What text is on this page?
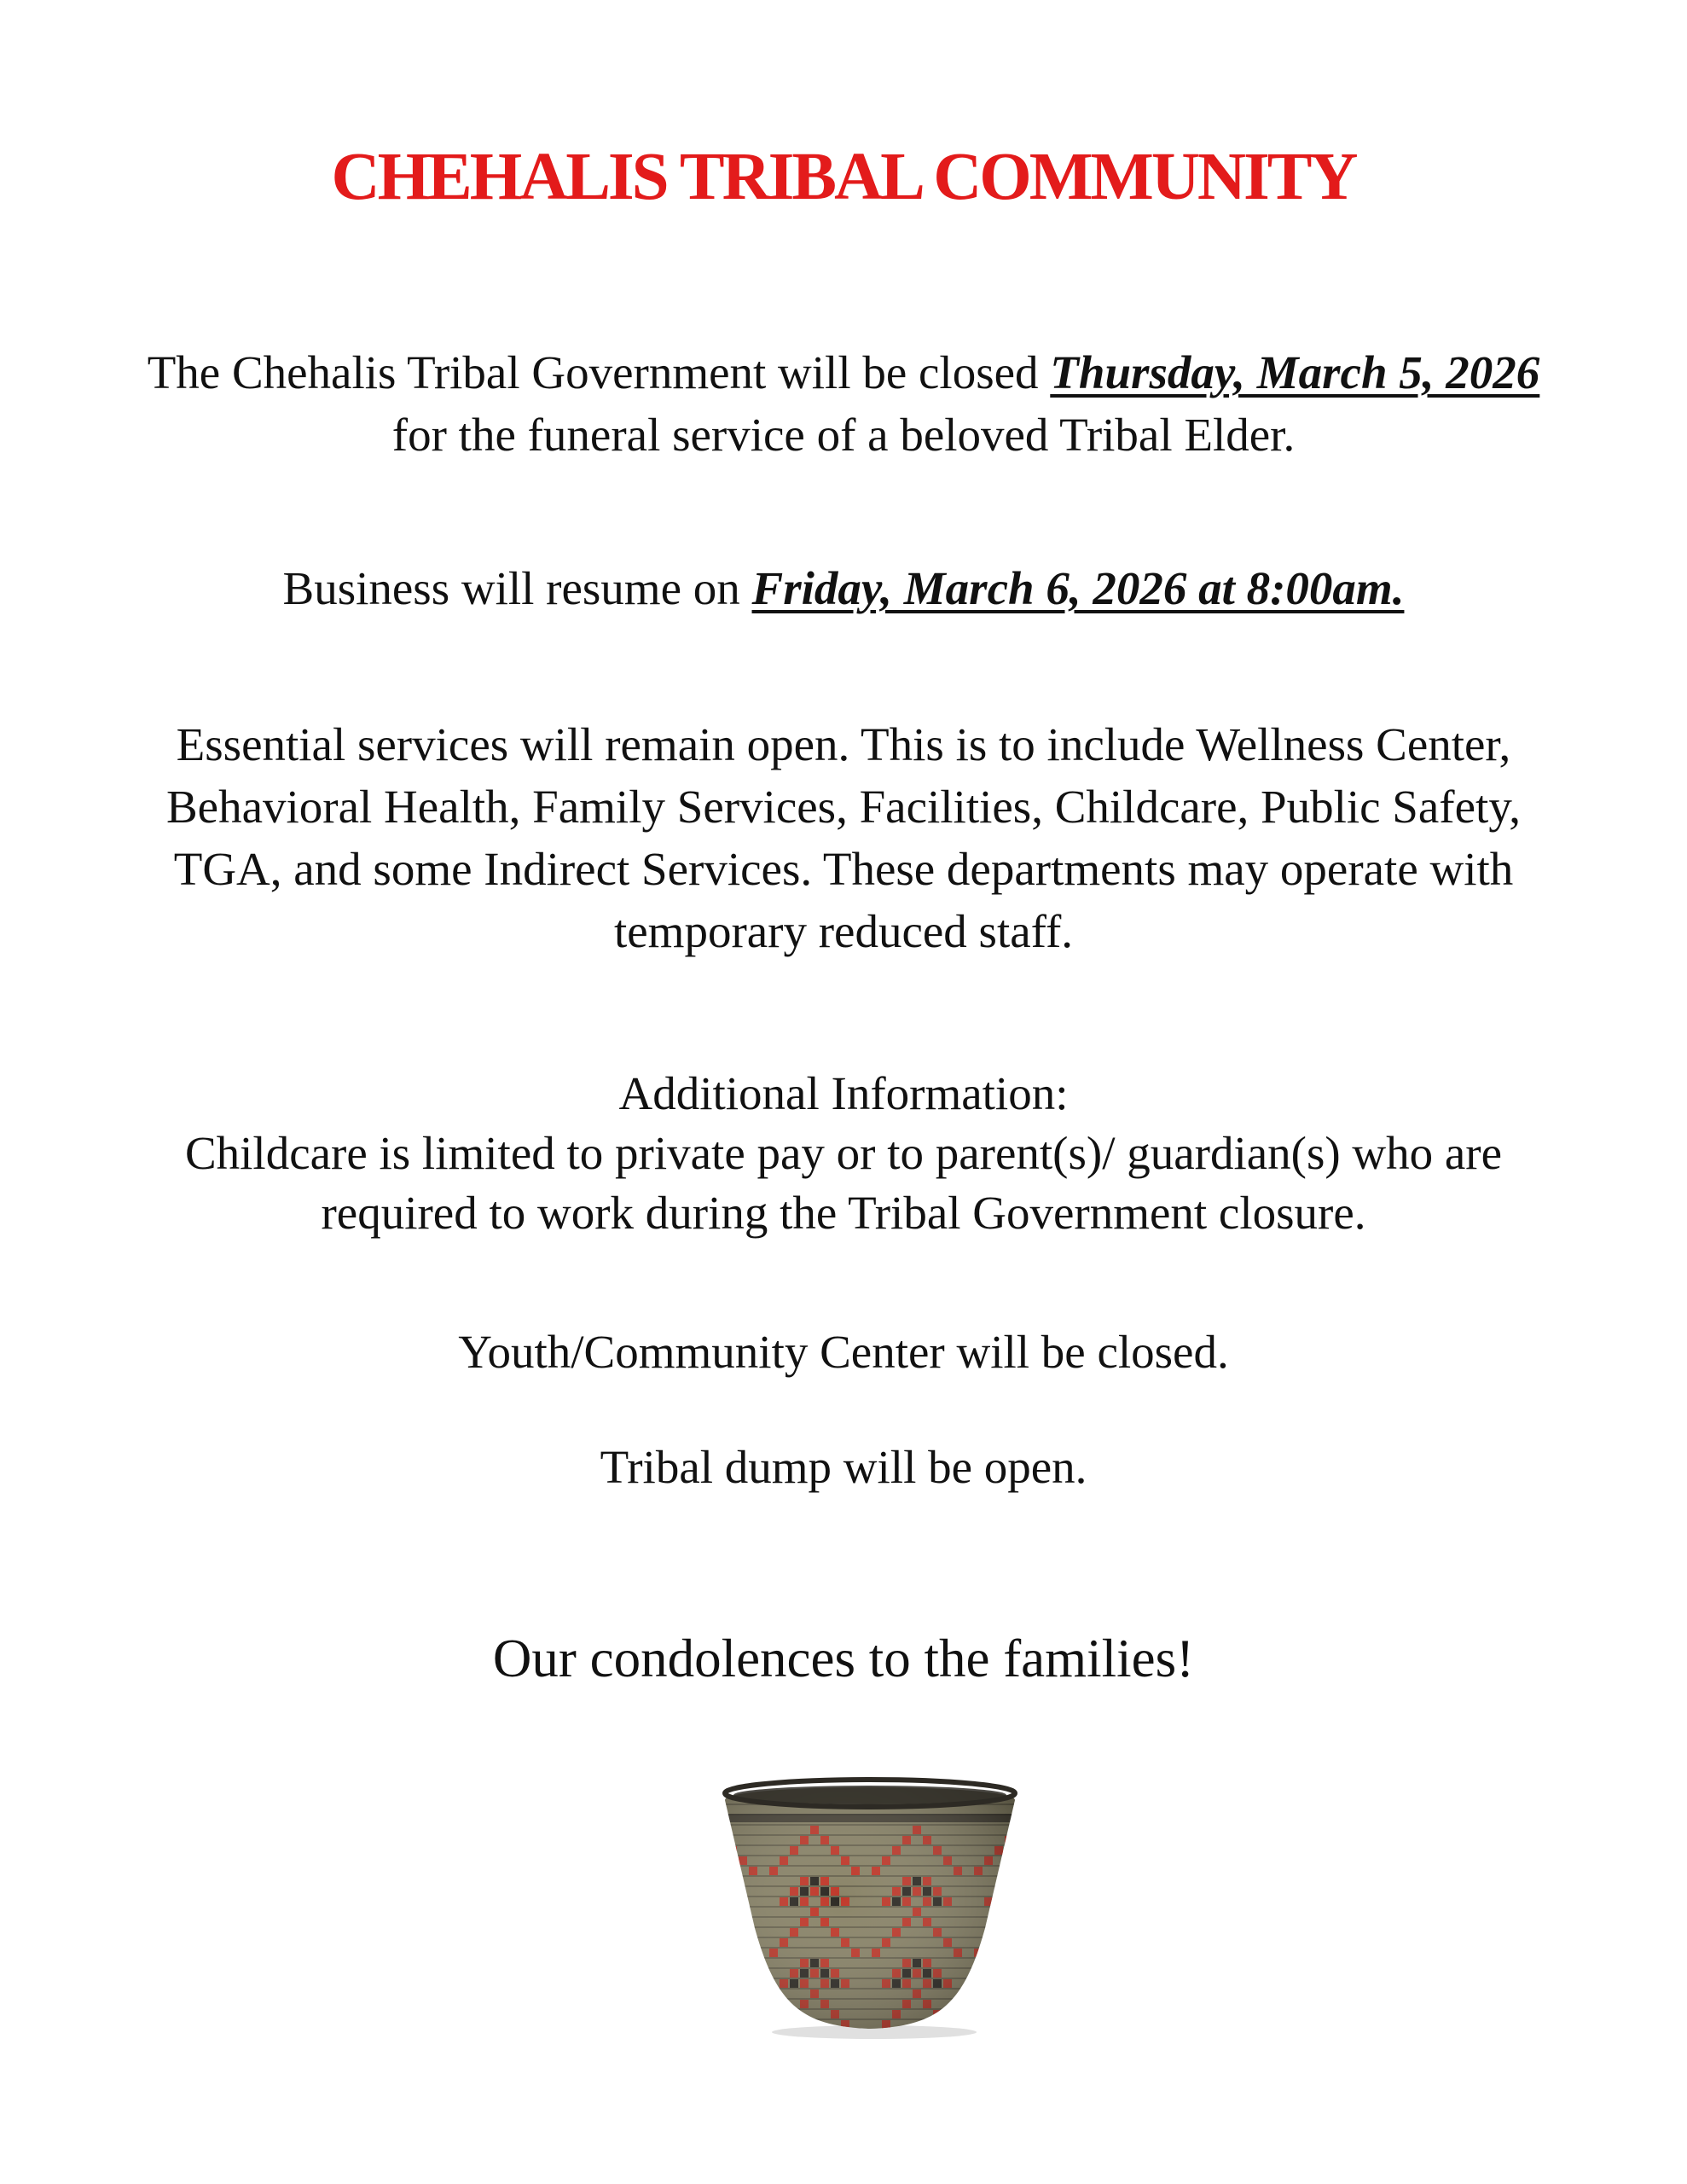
CHEHALIS TRIBAL COMMUNITY

The Chehalis Tribal Government will be closed Thursday, March 5, 2026 for the funeral service of a beloved Tribal Elder.

Business will resume on Friday, March 6, 2026 at 8:00am.

Essential services will remain open. This is to include Wellness Center, Behavioral Health, Family Services, Facilities, Childcare, Public Safety, TGA, and some Indirect Services. These departments may operate with temporary reduced staff.

Additional Information:
Childcare is limited to private pay or to parent(s)/ guardian(s) who are required to work during the Tribal Government closure.

Youth/Community Center will be closed.

Tribal dump will be open.

Our condolences to the families!
